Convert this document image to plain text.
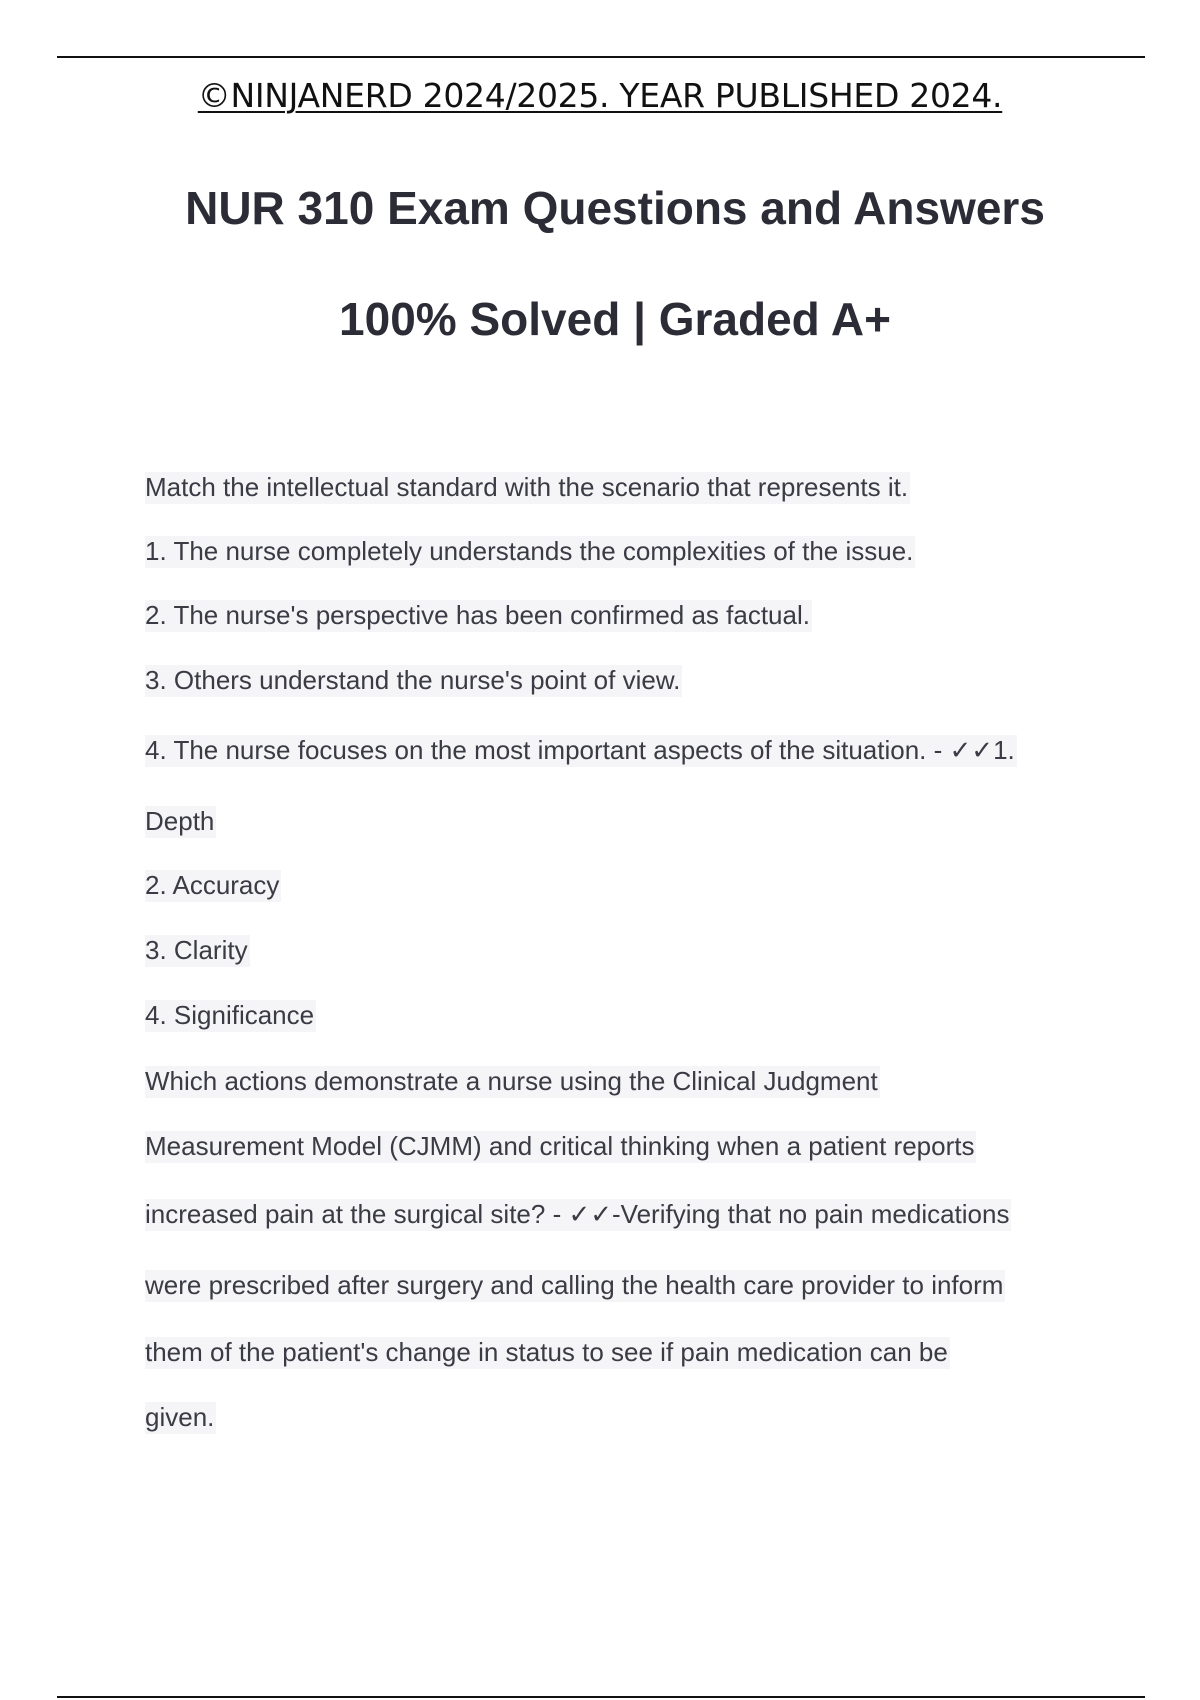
©NINJANERD 2024/2025. YEAR PUBLISHED 2024.
NUR 310 Exam Questions and Answers
100% Solved | Graded A+
Match the intellectual standard with the scenario that represents it.
1. The nurse completely understands the complexities of the issue.
2. The nurse's perspective has been confirmed as factual.
3. Others understand the nurse's point of view.
4. The nurse focuses on the most important aspects of the situation. - ✓✓1.
Depth
2. Accuracy
3. Clarity
4. Significance
Which actions demonstrate a nurse using the Clinical Judgment
Measurement Model (CJMM) and critical thinking when a patient reports
increased pain at the surgical site? - ✓✓-Verifying that no pain medications
were prescribed after surgery and calling the health care provider to inform
them of the patient's change in status to see if pain medication can be
given.
